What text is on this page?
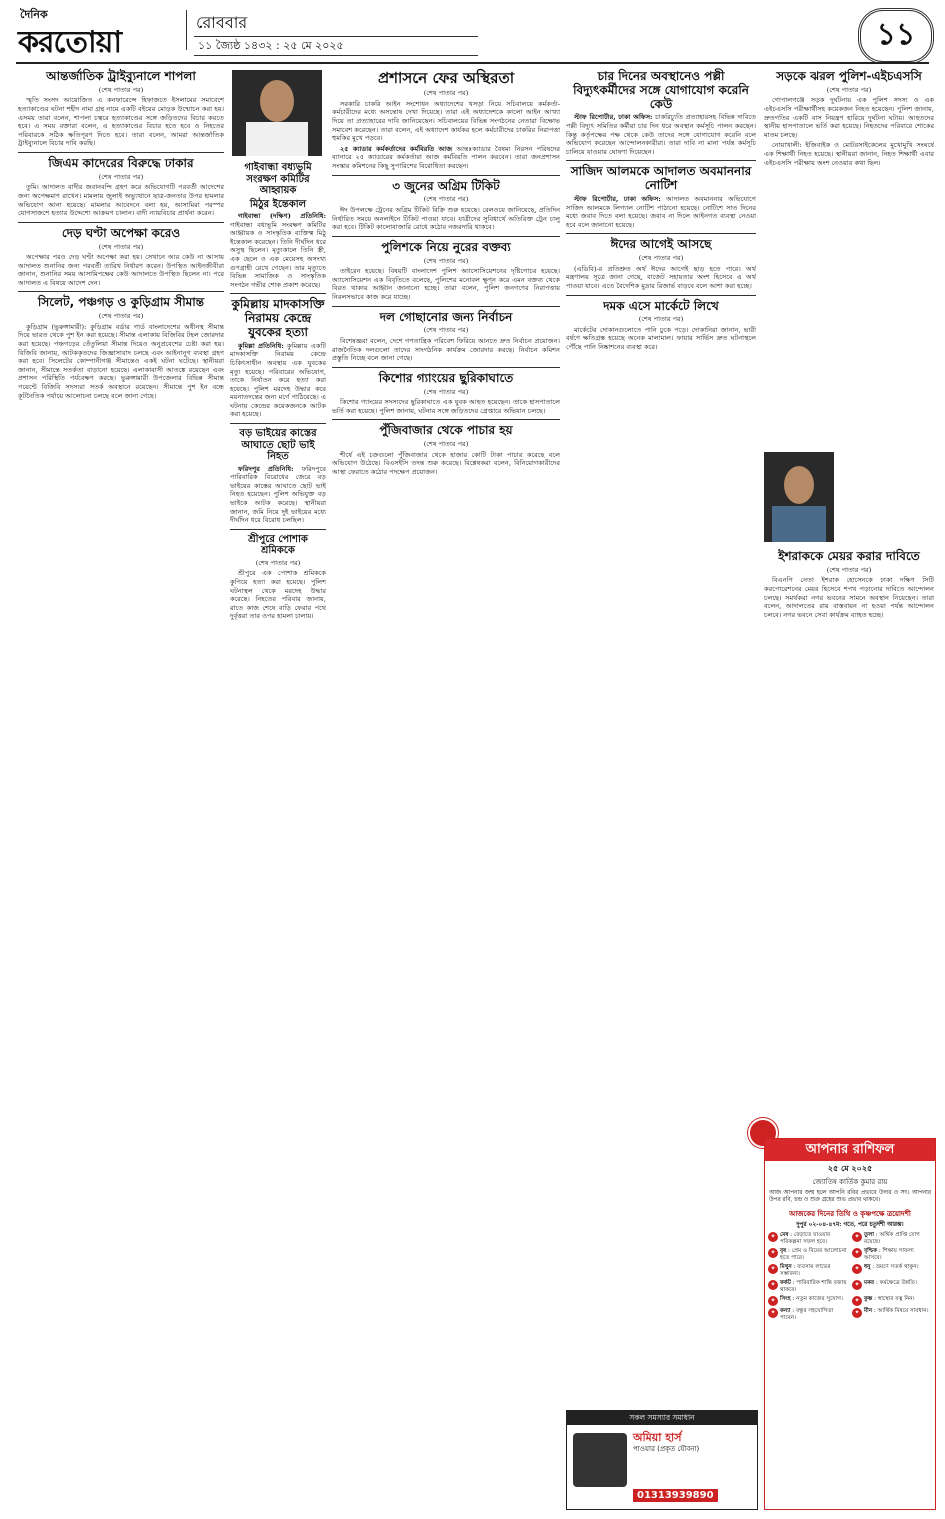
দৈনিক
করতোয়া
রোববার
১১ জ্যৈষ্ঠ ১৪৩২ : ২৫ মে ২০২৫	১১
আন্তর্জাতিক ট্রাইব্যুনালে শাপলা
(শেষ পাতার পর)

স্মৃতি সংসদ আয়োজিত এ কনফারেন্সে হিফাজতে ইসলামের সমাবেশে হত্যাকাণ্ডের ঘটনা শহীদ নামা গ্রন্থ নামে একটি বইয়ের মোড়ক উন্মোচন করা হয়। এসময় তারা বলেন, শাপলা চত্বরে হত্যাকাণ্ডের সঙ্গে জড়িতদের বিচার করতে হবে। এ সময় বক্তারা বলেন, এ হত্যাকাণ্ডের বিচার হতে হবে ও নিহতের পরিবারকে সঠিক ক্ষতিপূরণ দিতে হবে। তারা বলেন, আমরা আন্তর্জাতিক ট্রাইব্যুনালে বিচার দাবি করছি।

জিএম কাদেরের বিরুদ্ধে ঢাকার
(শেষ পাতার পর)

তুমি। আদালত বাদীর জবানবন্দি গ্রহণ করে অভিযোগটি পরবর্তী আদেশের জন্য অপেক্ষমাণ রাখেন। মামলায় জুলাই অভ্যুত্থানে ছাত্র-জনতার উপর হামলার অভিযোগ আনা হয়েছে। মামলার আবেদনে বলা হয়, আসামিরা পরস্পর যোগসাজশে হত্যার উদ্দেশ্যে আক্রমণ চালান। বাদী ন্যায়বিচার প্রার্থনা করেন।

দেড় ঘণ্টা অপেক্ষা করেও
(শেষ পাতার পর)

অপেক্ষার পরও দেড় ঘণ্টা অপেক্ষা করা হয়। সেখানে আর কেউ না আসায় আদালত শুনানির জন্য পরবর্তী তারিখ নির্ধারণ করেন। উপস্থিত আইনজীবীরা জানান, শুনানির সময় আসামিপক্ষের কেউ আদালতে উপস্থিত ছিলেন না। পরে আদালত এ বিষয়ে আদেশ দেন।

সিলেট, পঞ্চগড় ও কুড়িগ্রাম সীমান্ত
(শেষ পাতার পর)

কুড়িগ্রাম (ভুরুঙ্গামারী): কুড়িগ্রাম বর্ডার গার্ড বাংলাদেশের অধীনস্থ সীমান্ত দিয়ে ভারত থেকে পুশ ইন করা হয়েছে। সীমান্ত এলাকায় বিজিবির টহল জোরদার করা হয়েছে। পঞ্চগড়ের তেঁতুলিয়া সীমান্ত দিয়েও অনুপ্রবেশের চেষ্টা করা হয়। বিজিবি জানায়, আটককৃতদের জিজ্ঞাসাবাদ চলছে এবং আইনানুগ ব্যবস্থা গ্রহণ করা হবে। সিলেটের কোম্পানীগঞ্জ সীমান্তেও একই ঘটনা ঘটেছে। স্থানীয়রা জানান, সীমান্তে সতর্কতা বাড়ানো হয়েছে। এলাকাবাসী আতঙ্কে রয়েছেন এবং প্রশাসন পরিস্থিতি পর্যবেক্ষণ করছে। ভুরুঙ্গামারী উপজেলার বিভিন্ন সীমান্ত পয়েন্টে বিজিবি সদস্যরা সতর্ক অবস্থানে রয়েছেন। সীমান্তে পুশ ইন বন্ধে কূটনৈতিক পর্যায়ে আলোচনা চলছে বলে জানা গেছে।

গাইবান্ধা বধ্যভূমি সংরক্ষণ কমিটির আহ্বায়ক
মিঠুর ইন্তেকাল

গাইবান্ধা (দক্ষিণ) প্রতিনিধি: গাইবান্ধা বধ্যভূমি সংরক্ষণ কমিটির আহ্বায়ক ও সাংস্কৃতিক ব্যক্তিত্ব মিঠু ইন্তেকাল করেছেন। তিনি দীর্ঘদিন ধরে অসুস্থ ছিলেন। মৃত্যুকালে তিনি স্ত্রী, এক ছেলে ও এক মেয়েসহ অসংখ্য গুণগ্রাহী রেখে গেছেন। তার মৃত্যুতে বিভিন্ন সামাজিক ও সাংস্কৃতিক সংগঠন গভীর শোক প্রকাশ করেছে।

কুমিল্লায় মাদকাসক্তি নিরাময় কেন্দ্রে যুবকের হত্যা

কুমিল্লা প্রতিনিধি: কুমিল্লায় একটি মাদকাসক্তি নিরাময় কেন্দ্রে চিকিৎসাধীন অবস্থায় এক যুবকের মৃত্যু হয়েছে। পরিবারের অভিযোগ, তাকে নির্যাতন করে হত্যা করা হয়েছে। পুলিশ মরদেহ উদ্ধার করে ময়নাতদন্তের জন্য মর্গে পাঠিয়েছে। এ ঘটনায় কেন্দ্রের কয়েকজনকে আটক করা হয়েছে।

বড় ভাইয়ের কাস্তের আঘাতে ছোট ভাই নিহত

ফরিদপুর প্রতিনিধি: ফরিদপুরে পারিবারিক বিরোধের জেরে বড় ভাইয়ের কাস্তের আঘাতে ছোট ভাই নিহত হয়েছেন। পুলিশ অভিযুক্ত বড় ভাইকে আটক করেছে। স্থানীয়রা জানান, জমি নিয়ে দুই ভাইয়ের মধ্যে দীর্ঘদিন ধরে বিরোধ চলছিল।

শ্রীপুরে পোশাক শ্রমিককে
(শেষ পাতার পর)

শ্রীপুরে এক পোশাক শ্রমিককে কুপিয়ে হত্যা করা হয়েছে। পুলিশ ঘটনাস্থল থেকে মরদেহ উদ্ধার করেছে। নিহতের পরিবার জানায়, রাতে কাজ শেষে বাড়ি ফেরার পথে দুর্বৃত্তরা তার ওপর হামলা চালায়।

প্রশাসনে ফের অস্থিরতা
(শেষ পাতার পর)

সরকারি চাকরি আইন সংশোধন অধ্যাদেশের খসড়া নিয়ে সচিবালয়ে কর্মকর্তা-কর্মচারীদের মধ্যে অসন্তোষ দেখা দিয়েছে। তারা এই অধ্যাদেশকে কালো আইন আখ্যা দিয়ে তা প্রত্যাহারের দাবি জানিয়েছেন। সচিবালয়ের বিভিন্ন সংগঠনের নেতারা বিক্ষোভ সমাবেশ করেছেন। তারা বলেন, এই অধ্যাদেশ কার্যকর হলে কর্মচারীদের চাকরির নিরাপত্তা হুমকির মুখে পড়বে।

২৫ ক্যাডার কর্মকর্তাদের কর্মবিরতি আজ আন্তঃক্যাডার বৈষম্য নিরসন পরিষদের ব্যানারে ২৫ ক্যাডারের কর্মকর্তারা আজ কর্মবিরতি পালন করবেন। তারা জনপ্রশাসন সংস্কার কমিশনের কিছু সুপারিশের বিরোধিতা করছেন।

৩ জুনের অগ্রিম টিকিট
(শেষ পাতার পর)

ঈদ উপলক্ষে ট্রেনের অগ্রিম টিকিট বিক্রি শুরু হয়েছে। রেলওয়ে জানিয়েছে, প্রতিদিন নির্ধারিত সময়ে অনলাইনে টিকিট পাওয়া যাবে। যাত্রীদের সুবিধার্থে অতিরিক্ত ট্রেন চালু করা হবে। টিকিট কালোবাজারি রোধে কঠোর নজরদারি থাকবে।

পুলিশকে নিয়ে নুরের বক্তব্য
(শেষ পাতার পর)

তাইরেন হয়েছে। বিষয়টি বাংলাদেশ পুলিশ অ্যাসোসিয়েশনের দৃষ্টিগোচর হয়েছে। অ্যাসোসিয়েশন এক বিবৃতিতে বলেছে, পুলিশের মনোবল ক্ষুণ্ন করে এমন বক্তব্য থেকে বিরত থাকার আহ্বান জানানো হচ্ছে। তারা বলেন, পুলিশ জনগণের নিরাপত্তায় নিরলসভাবে কাজ করে যাচ্ছে।

দল গোছানোর জন্য নির্বাচন
(শেষ পাতার পর)

বিশেষজ্ঞরা বলেন, দেশে গণতান্ত্রিক পরিবেশ ফিরিয়ে আনতে দ্রুত নির্বাচন প্রয়োজন। রাজনৈতিক দলগুলো তাদের সাংগঠনিক কার্যক্রম জোরদার করছে। নির্বাচন কমিশন প্রস্তুতি নিচ্ছে বলে জানা গেছে।

কিশোর গ্যাংয়ের ছুরিকাঘাতে
(শেষ পাতার পর)

কিশোর গ্যাংয়ের সদস্যদের ছুরিকাঘাতে এক যুবক আহত হয়েছেন। তাকে হাসপাতালে ভর্তি করা হয়েছে। পুলিশ জানায়, ঘটনার সঙ্গে জড়িতদের গ্রেপ্তারে অভিযান চলছে।

পুঁজিবাজার থেকে পাচার হয়
(শেষ পাতার পর)

শীর্ষে এই চক্রগুলো পুঁজিবাজার থেকে হাজার কোটি টাকা পাচার করেছে বলে অভিযোগ উঠেছে। বিএসইসি তদন্ত শুরু করেছে। বিশ্লেষকরা বলেন, বিনিয়োগকারীদের আস্থা ফেরাতে কঠোর পদক্ষেপ প্রয়োজন।

চার দিনের অবস্থানেও পল্লী বিদ্যুৎকর্মীদের সঙ্গে যোগাযোগ করেনি কেউ

স্টাফ রিপোর্টার, ঢাকা অফিস: চাকরিচ্যুতি প্রত্যাহারসহ বিভিন্ন দাবিতে পল্লী বিদ্যুৎ সমিতির কর্মীরা চার দিন ধরে অবস্থান কর্মসূচি পালন করছেন। কিন্তু কর্তৃপক্ষের পক্ষ থেকে কেউ তাদের সঙ্গে যোগাযোগ করেনি বলে অভিযোগ করেছেন আন্দোলনকারীরা। তারা দাবি না মানা পর্যন্ত কর্মসূচি চালিয়ে যাওয়ার ঘোষণা দিয়েছেন।

সাজিদ আলমকে আদালত অবমাননার নোটিশ

স্টাফ রিপোর্টার, ঢাকা অফিস: আদালত অবমাননার অভিযোগে সাজিদ আলমকে লিগ্যাল নোটিশ পাঠানো হয়েছে। নোটিশে সাত দিনের মধ্যে জবাব দিতে বলা হয়েছে। জবাব না দিলে আইনগত ব্যবস্থা নেওয়া হবে বলে জানানো হয়েছে।

ঈদের আগেই আসছে
(শেষ পাতার পর)

(এডিবি)-র প্রতিশ্রুত অর্থ ঈদের আগেই ছাড় হতে পারে। অর্থ মন্ত্রণালয় সূত্রে জানা গেছে, বাজেট সহায়তার অংশ হিসেবে এ অর্থ পাওয়া যাবে। এতে বৈদেশিক মুদ্রার রিজার্ভ বাড়বে বলে আশা করা হচ্ছে।

দমক এসে মার্কেটে লিখে
(শেষ পাতার পর)

মার্কেটের দোকানগুলোতে পানি ঢুকে পড়ে। দোকানিরা জানান, ভারী বর্ষণে ক্ষতিগ্রস্ত হয়েছে অনেক মালামাল। ফায়ার সার্ভিস দ্রুত ঘটনাস্থলে পৌঁছে পানি নিষ্কাশনের ব্যবস্থা করে।

সড়কে ঝরল পুলিশ-এইচএসসি
(শেষ পাতার পর)

গোপালগঞ্জে সড়ক দুর্ঘটনায় এক পুলিশ সদস্য ও এক এইচএসসি পরীক্ষার্থীসহ কয়েকজন নিহত হয়েছেন। পুলিশ জানায়, দ্রুতগতির একটি বাস নিয়ন্ত্রণ হারিয়ে দুর্ঘটনা ঘটায়। আহতদের স্থানীয় হাসপাতালে ভর্তি করা হয়েছে। নিহতদের পরিবারে শোকের মাতম চলছে।

নোয়াখালী: ইজিবাইক ও মোটরসাইকেলের মুখোমুখি সংঘর্ষে এক শিক্ষার্থী নিহত হয়েছে। স্থানীয়রা জানান, নিহত শিক্ষার্থী এবার এইচএসসি পরীক্ষায় অংশ নেওয়ার কথা ছিল।

ইশরাককে মেয়র করার দাবিতে
(শেষ পাতার পর)

বিএনপি নেতা ইশরাক হোসেনকে ঢাকা দক্ষিণ সিটি করপোরেশনের মেয়র হিসেবে শপথ পড়ানোর দাবিতে আন্দোলন চলছে। সমর্থকরা নগর ভবনের সামনে অবস্থান নিয়েছেন। তারা বলেন, আদালতের রায় বাস্তবায়ন না হওয়া পর্যন্ত আন্দোলন চলবে। নগর ভবনে সেবা কার্যক্রম ব্যাহত হচ্ছে।

আপনার রাশিফল
২৫ মে ২০২৫
জ্যোতিষ কার্তিক কুমার রায়
আজ আপনার জন্ম হলে আপনি রবির প্রভাবে উদার ও সৎ। আপনার উপর রবি, চন্দ্র ও শুক্র গ্রহের শুভ প্রভাব থাকবে।
আজকের দিনের তিথি ও কৃষ্ণপক্ষে ত্রয়োদশী
দুপুর ০২-০৪-৪৭ম: গতে, পরে চতুর্দশী আরম্ভ।
✦ মেষ : বেড়াতে যাওয়ার পরিকল্পনা সফল হবে।
✦ তুলা : অর্থিক প্রাপ্তি যোগ রয়েছে।
✦ বৃষ : প্রেম ও বিয়ের আলোচনা হতে পারে।
✦ বৃশ্চিক : শিক্ষায় সাফল্য আসবে।
✦ মিথুন : ব্যবসায় লাভের সম্ভাবনা।
✦ ধনু : ভ্রমণে সতর্ক থাকুন।
✦ কর্কট : পারিবারিক শান্তি বজায় থাকবে।
✦ মকর : কর্মক্ষেত্রে উন্নতি।
✦ সিংহ : নতুন কাজের সুযোগ।	✦ কুম্ভ : স্বাস্থ্যের যত্ন নিন।
✦ কন্যা : বন্ধুর সহযোগিতা পাবেন।
✦ মীন : আর্থিক বিষয়ে সাবধান।
সকল সমস্যার সমাধান
অমিয়া হার্স
পাওয়ার (প্রকৃত যৌবনা)
01313939890
